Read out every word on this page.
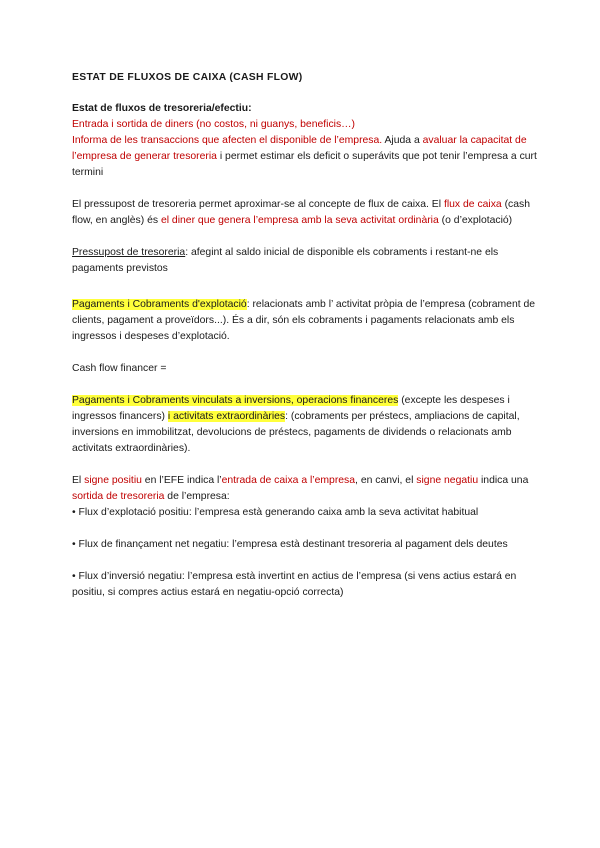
ESTAT DE FLUXOS DE CAIXA (CASH FLOW)

Estat de fluxos de tresoreria/efectiu:

Entrada i sortida de diners (no costos, ni guanys, beneficis…)

Informa de les transaccions que afecten el disponible de l’empresa. Ajuda a avaluar la capacitat de l’empresa de generar tresoreria i permet estimar els deficit o superávits que pot tenir l’empresa a curt termini

El pressupost de tresoreria permet aproximar-se al concepte de flux de caixa. El flux de caixa (cash flow, en anglès) és el diner que genera l’empresa amb la seva activitat ordinària (o d’explotació)

Pressupost de tresoreria: afegint al saldo inicial de disponible els cobraments i restant-ne els pagaments previstos

Pagaments i Cobraments d'explotació: relacionats amb l’ activitat pròpia de l’empresa (cobrament de clients, pagament a proveïdors...). És a dir, són els cobraments i pagaments relacionats amb els ingressos i despeses d’explotació.

Cash flow financer =

Pagaments i Cobraments vinculats a inversions, operacions financeres (excepte les despeses i ingressos financers) i activitats extraordinàries: (cobraments per préstecs, ampliacions de capital, inversions en immobilitzat, devolucions de préstecs, pagaments de dividends o relacionats amb activitats extraordinàries).

El signe positiu en l’EFE indica l’entrada de caixa a l’empresa, en canvi, el signe negatiu indica una sortida de tresoreria de l’empresa:

• Flux d’explotació positiu: l’empresa està generando caixa amb la seva activitat habitual

• Flux de finançament net negatiu: l’empresa està destinant tresoreria al pagament dels deutes

• Flux d’inversió negatiu: l’empresa està invertint en actius de l’empresa (si vens actius estará en positiu, si compres actius estará en negatiu-opció correcta)
